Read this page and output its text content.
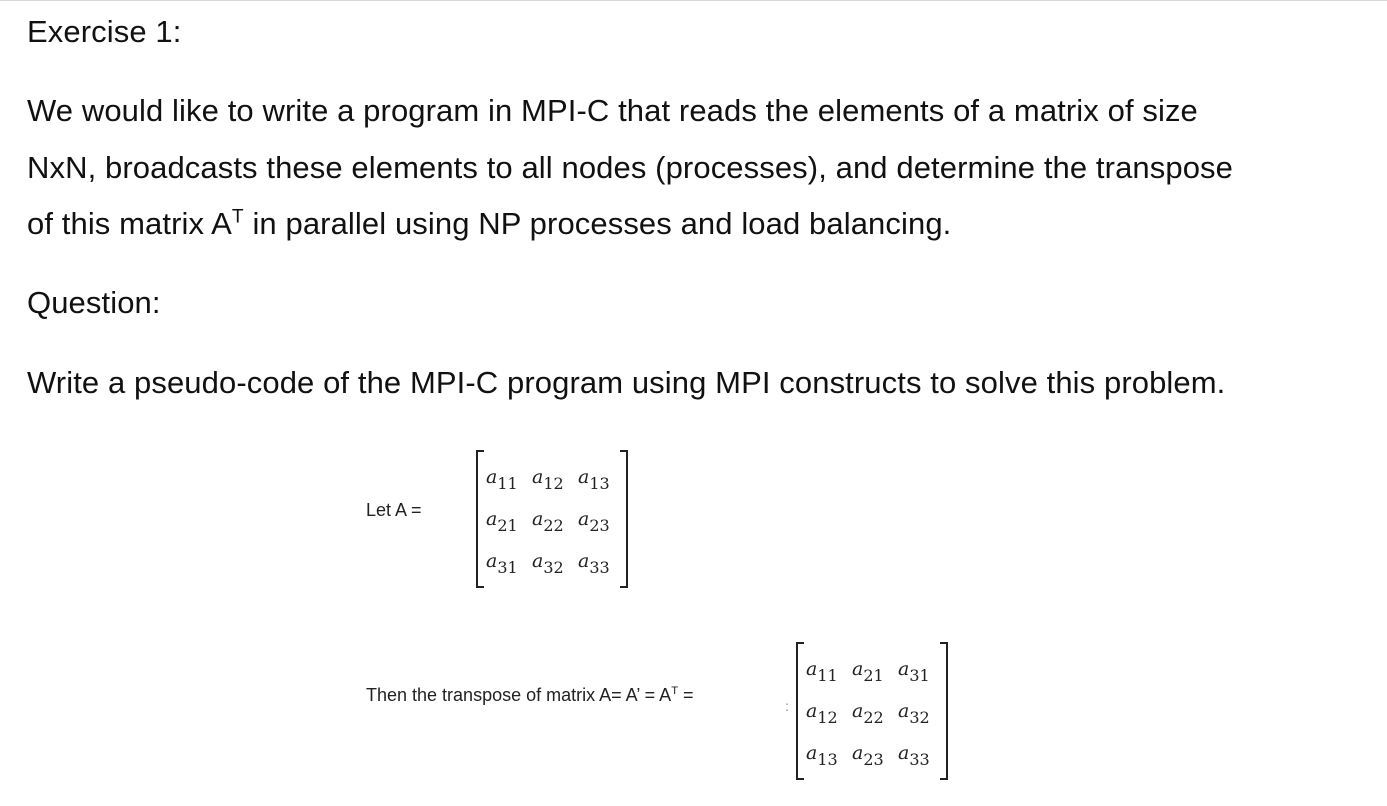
Exercise 1:
We would like to write a program in MPI-C that reads the elements of a matrix of size
NxN, broadcasts these elements to all nodes (processes), and determine the transpose
of this matrix $A^T$ in parallel using NP processes and load balancing.
Question:
Write a pseudo-code of the MPI-C program using MPI constructs to solve this problem.
Let A =
$a_{11}$ $a_{12}$ $a_{13}$
$a_{21}$ $a_{22}$ $a_{23}$
$a_{31}$ $a_{32}$ $a_{33}$
Then the transpose of matrix A= A’ = $A^T$ =
:
$a_{11}$ $a_{21}$ $a_{31}$
$a_{12}$ $a_{22}$ $a_{32}$
$a_{13}$ $a_{23}$ $a_{33}$
